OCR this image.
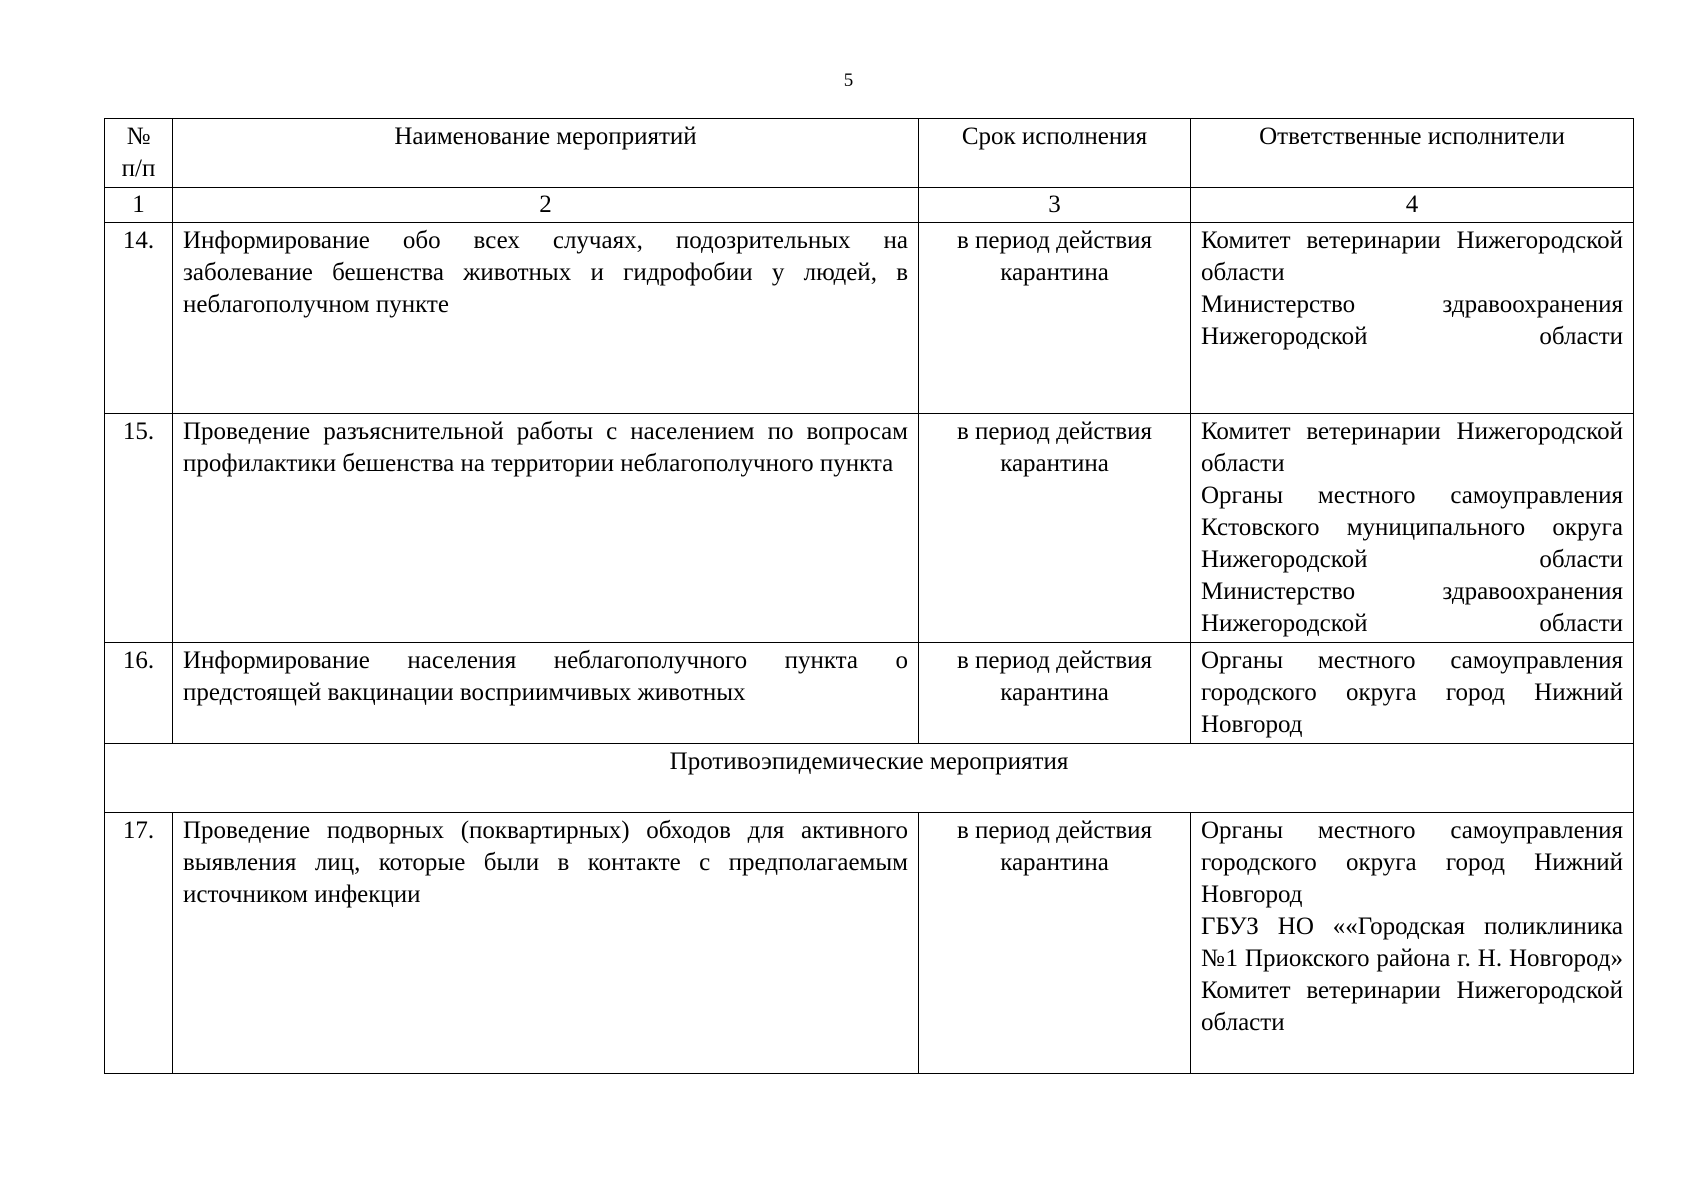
5
№ п/п	Наименование мероприятий	Срок исполнения	Ответственные исполнители
1	2	3	4
14.	Информирование обо всех случаях, подозрительных на заболевание бешенства животных и гидрофобии у людей, в неблагополучном пункте	в период действия карантина	Комитет ветеринарии Нижегородской области
Министерство здравоохранения Нижегородской области

15.	Проведение разъяснительной работы с населением по вопросам профилактики бешенства на территории неблагополучного пункта	в период действия карантина	Комитет ветеринарии Нижегородской области
Органы местного самоуправления Кстовского муниципального округа Нижегородской области
Министерство здравоохранения Нижегородской области

16.	Информирование населения неблагополучного пункта о предстоящей вакцинации восприимчивых животных	в период действия карантина	Органы местного самоуправления городского округа город Нижний Новгород

Противоэпидемические мероприятия			
17.	Проведение подворных (поквартирных) обходов для активного выявления лиц, которые были в контакте с предполагаемым источником инфекции	в период действия карантина	Органы местного самоуправления городского округа город Нижний Новгород
ГБУЗ НО ««Городская поликлиника №1 Приокского района г. Н. Новгород»
Комитет ветеринарии Нижегородской области
